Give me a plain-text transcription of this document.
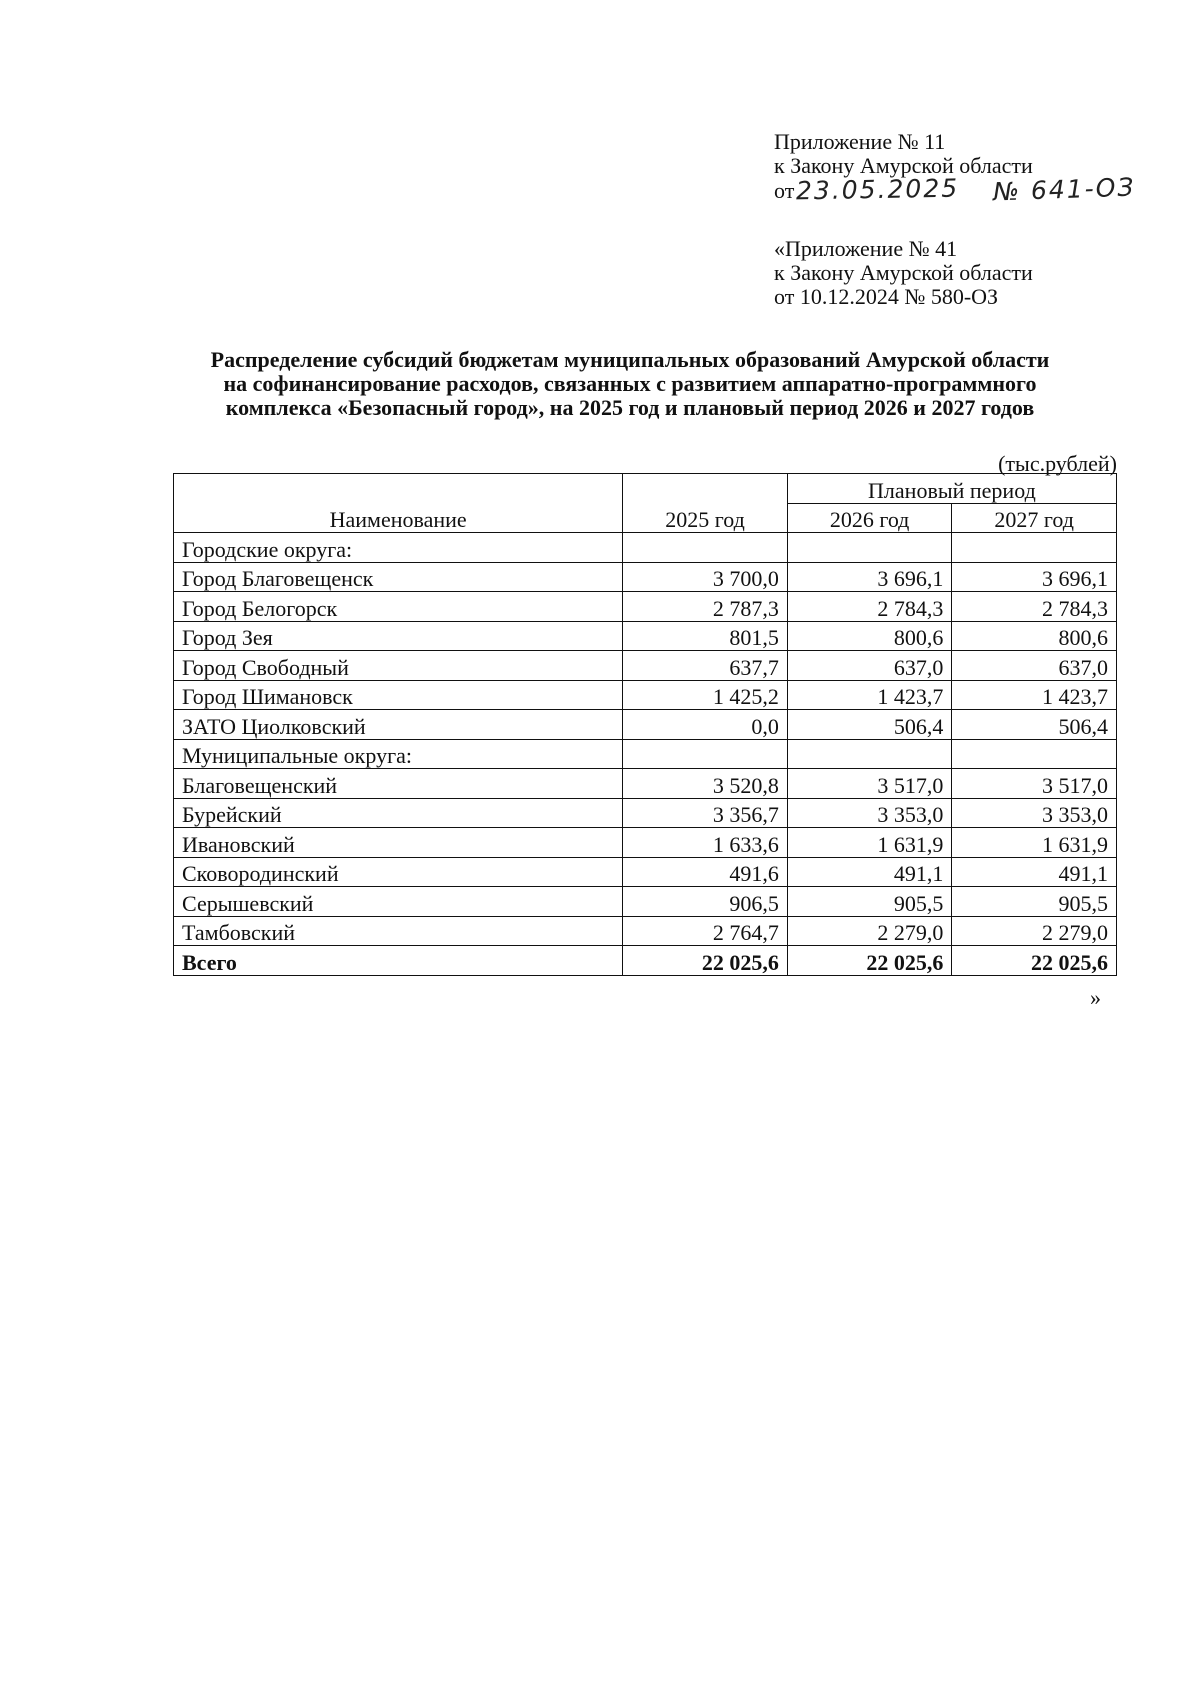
Приложение № 11
к Закону Амурской области
от23.05.2025 № 641-ОЗ
«Приложение № 41
к Закону Амурской области
от 10.12.2024 № 580-ОЗ
Распределение субсидий бюджетам муниципальных образований Амурской области
на софинансирование расходов, связанных с развитием аппаратно-программного
комплекса «Безопасный город», на 2025 год и плановый период 2026 и 2027 годов
(тыс.рублей)
Наименование	2025 год	Плановый период	
		2026 год	2027 год
Городские округа:			
Город Благовещенск	3 700,0	3 696,1	3 696,1
Город Белогорск	2 787,3	2 784,3	2 784,3
Город Зея	801,5	800,6	800,6
Город Свободный	637,7	637,0	637,0
Город Шимановск	1 425,2	1 423,7	1 423,7
ЗАТО Циолковский	0,0	506,4	506,4
Муниципальные округа:			
Благовещенский	3 520,8	3 517,0	3 517,0
Бурейский	3 356,7	3 353,0	3 353,0
Ивановский	1 633,6	1 631,9	1 631,9
Сковородинский	491,6	491,1	491,1
Серышевский	906,5	905,5	905,5
Тамбовский	2 764,7	2 279,0	2 279,0
Всего	22 025,6	22 025,6	22 025,6
»
